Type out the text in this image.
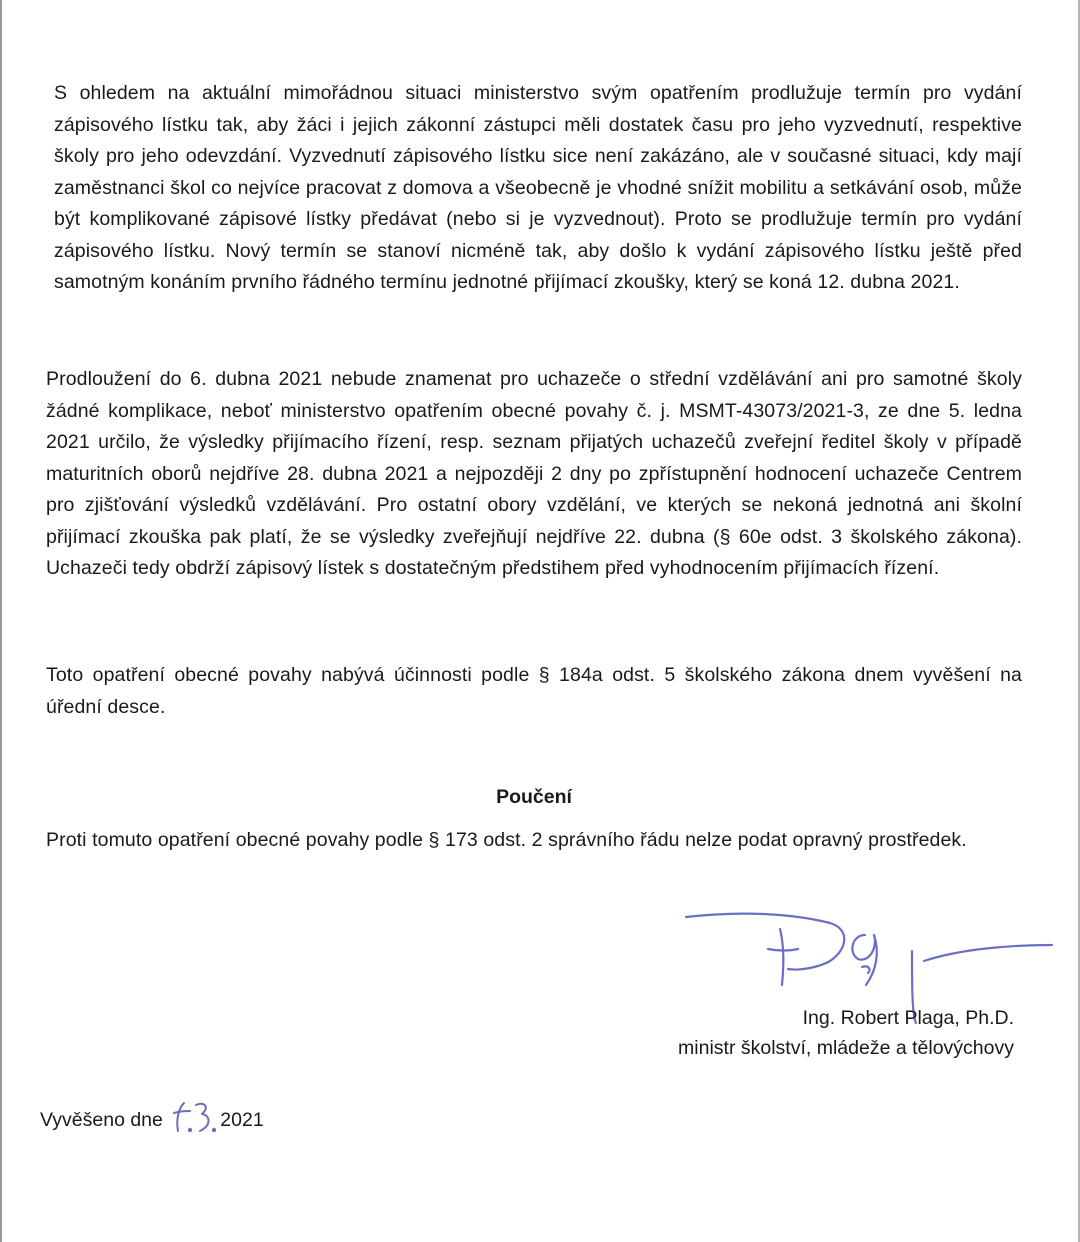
S ohledem na aktuální mimořádnou situaci ministerstvo svým opatřením prodlužuje termín pro vydání zápisového lístku tak, aby žáci i jejich zákonní zástupci měli dostatek času pro jeho vyzvednutí, respektive školy pro jeho odevzdání. Vyzvednutí zápisového lístku sice není zakázáno, ale v současné situaci, kdy mají zaměstnanci škol co nejvíce pracovat z domova a všeobecně je vhodné snížit mobilitu a setkávání osob, může být komplikované zápisové lístky předávat (nebo si je vyzvednout). Proto se prodlužuje termín pro vydání zápisového lístku. Nový termín se stanoví nicméně tak, aby došlo k vydání zápisového lístku ještě před samotným konáním prvního řádného termínu jednotné přijímací zkoušky, který se koná 12. dubna 2021.

Prodloužení do 6. dubna 2021 nebude znamenat pro uchazeče o střední vzdělávání ani pro samotné školy žádné komplikace, neboť ministerstvo opatřením obecné povahy č. j. MSMT-43073/2021-3, ze dne 5. ledna 2021 určilo, že výsledky přijímacího řízení, resp. seznam přijatých uchazečů zveřejní ředitel školy v případě maturitních oborů nejdříve 28. dubna 2021 a nejpozději 2 dny po zpřístupnění hodnocení uchazeče Centrem pro zjišťování výsledků vzdělávání. Pro ostatní obory vzdělání, ve kterých se nekoná jednotná ani školní přijímací zkouška pak platí, že se výsledky zveřejňují nejdříve 22. dubna (§ 60e odst. 3 školského zákona). Uchazeči tedy obdrží zápisový lístek s dostatečným předstihem před vyhodnocením přijímacích řízení.

Toto opatření obecné povahy nabývá účinnosti podle § 184a odst. 5 školského zákona dnem vyvěšení na úřední desce.

Poučení

Proti tomuto opatření obecné povahy podle § 173 odst. 2 správního řádu nelze podat opravný prostředek.

Ing. Robert Plaga, Ph.D.
ministr školství, mládeže a tělovýchovy
Vyvěšeno dne	2021
